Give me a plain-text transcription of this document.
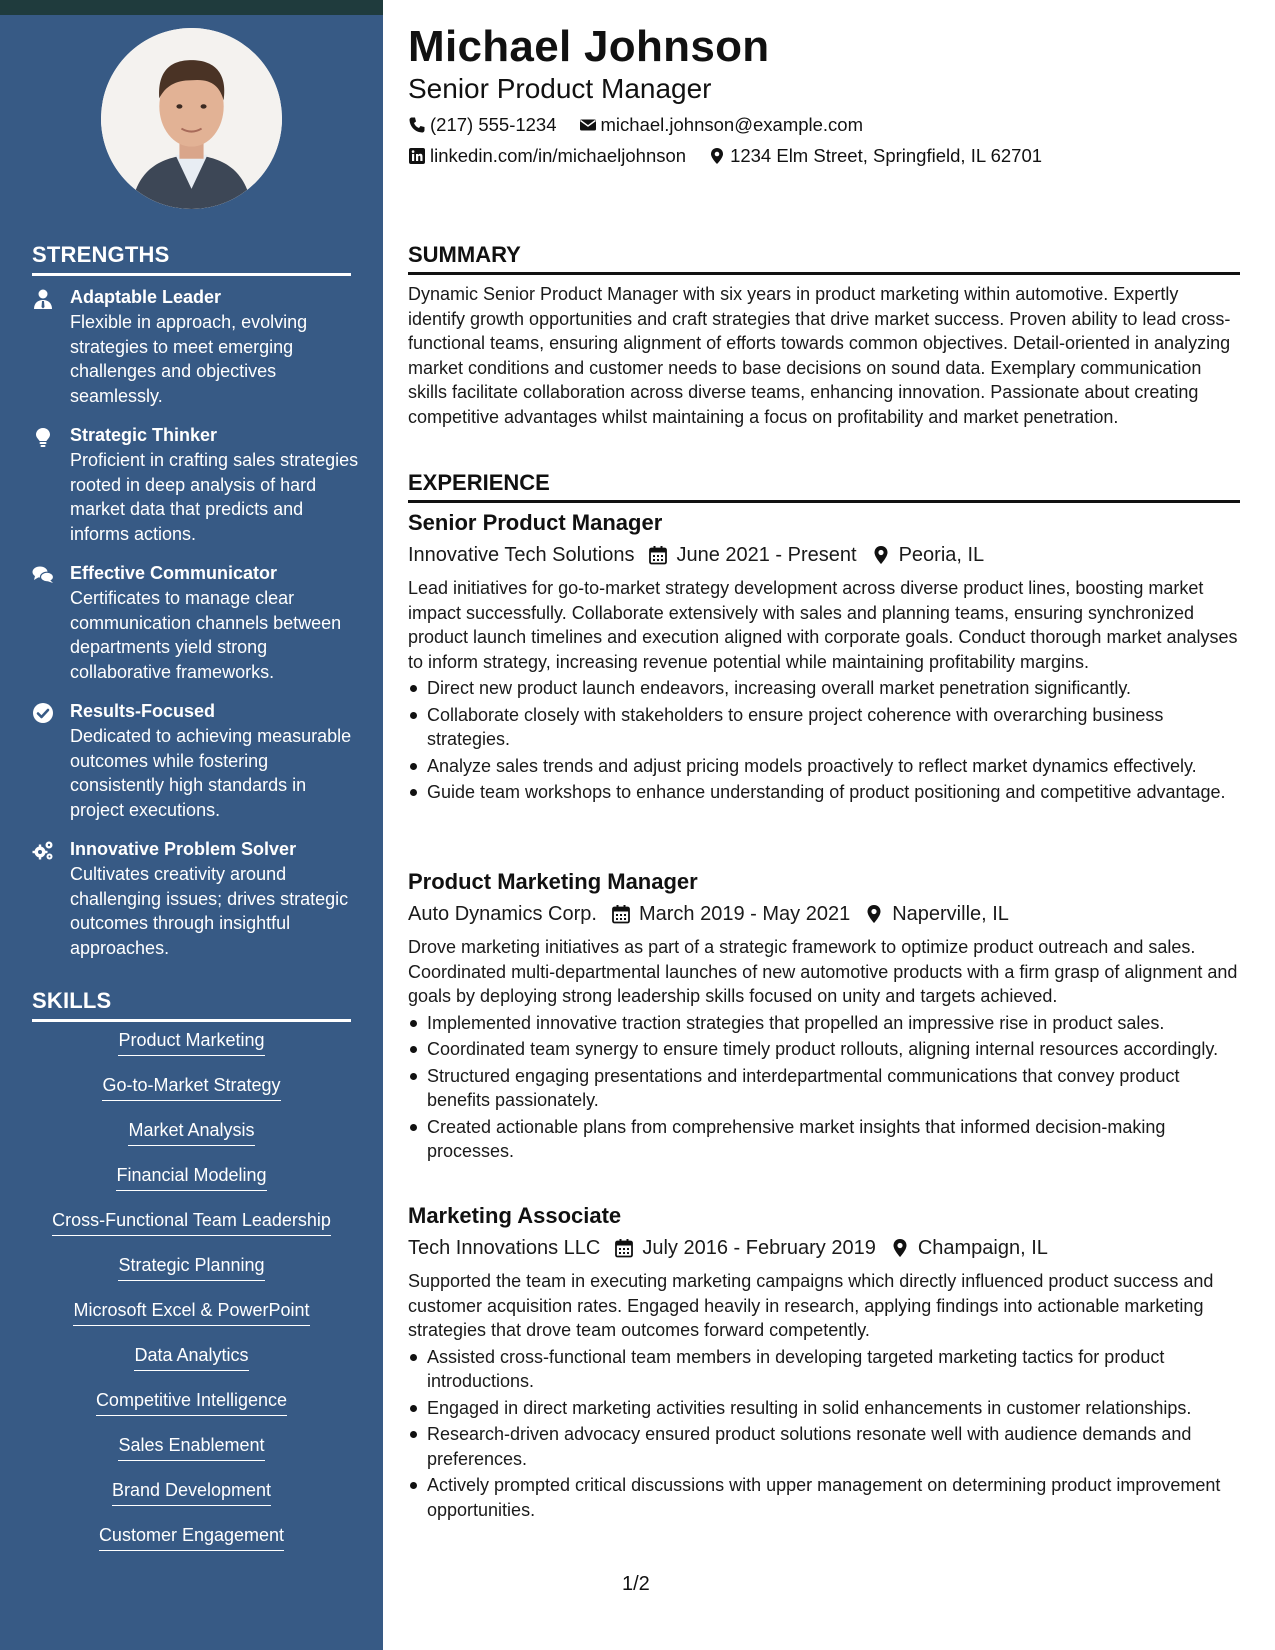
STRENGTHS
Adaptable Leader
Flexible in approach, evolving strategies to meet emerging challenges and objectives seamlessly.
Strategic Thinker
Proficient in crafting sales strategies rooted in deep analysis of hard market data that predicts and informs actions.
Effective Communicator
Certificates to manage clear communication channels between departments yield strong collaborative frameworks.
Results-Focused
Dedicated to achieving measurable outcomes while fostering consistently high standards in project executions.
Innovative Problem Solver
Cultivates creativity around challenging issues; drives strategic outcomes through insightful approaches.
SKILLS
Product Marketing
Go-to-Market Strategy
Market Analysis
Financial Modeling
Cross-Functional Team Leadership
Strategic Planning
Microsoft Excel & PowerPoint
Data Analytics
Competitive Intelligence
Sales Enablement
Brand Development
Customer Engagement
Michael Johnson
Senior Product Manager
(217) 555-1234 michael.johnson@example.com
linkedin.com/in/michaeljohnson 1234 Elm Street, Springfield, IL 62701
SUMMARY
Dynamic Senior Product Manager with six years in product marketing within automotive. Expertly identify growth opportunities and craft strategies that drive market success. Proven ability to lead cross-functional teams, ensuring alignment of efforts towards common objectives. Detail-oriented in analyzing market conditions and customer needs to base decisions on sound data. Exemplary communication skills facilitate collaboration across diverse teams, enhancing innovation. Passionate about creating competitive advantages whilst maintaining a focus on profitability and market penetration.
EXPERIENCE
Senior Product Manager
Innovative Tech Solutions June 2021 - Present Peoria, IL
Lead initiatives for go-to-market strategy development across diverse product lines, boosting market impact successfully. Collaborate extensively with sales and planning teams, ensuring synchronized product launch timelines and execution aligned with corporate goals. Conduct thorough market analyses to inform strategy, increasing revenue potential while maintaining profitability margins.
Direct new product launch endeavors, increasing overall market penetration significantly.
Collaborate closely with stakeholders to ensure project coherence with overarching business strategies.
Analyze sales trends and adjust pricing models proactively to reflect market dynamics effectively.
Guide team workshops to enhance understanding of product positioning and competitive advantage.
Product Marketing Manager
Auto Dynamics Corp. March 2019 - May 2021 Naperville, IL
Drove marketing initiatives as part of a strategic framework to optimize product outreach and sales. Coordinated multi-departmental launches of new automotive products with a firm grasp of alignment and goals by deploying strong leadership skills focused on unity and targets achieved.
Implemented innovative traction strategies that propelled an impressive rise in product sales.
Coordinated team synergy to ensure timely product rollouts, aligning internal resources accordingly.
Structured engaging presentations and interdepartmental communications that convey product benefits passionately.
Created actionable plans from comprehensive market insights that informed decision-making processes.
Marketing Associate
Tech Innovations LLC July 2016 - February 2019 Champaign, IL
Supported the team in executing marketing campaigns which directly influenced product success and customer acquisition rates. Engaged heavily in research, applying findings into actionable marketing strategies that drove team outcomes forward competently.
Assisted cross-functional team members in developing targeted marketing tactics for product introductions.
Engaged in direct marketing activities resulting in solid enhancements in customer relationships.
Research-driven advocacy ensured product solutions resonate well with audience demands and preferences.
Actively prompted critical discussions with upper management on determining product improvement opportunities.
1/2
